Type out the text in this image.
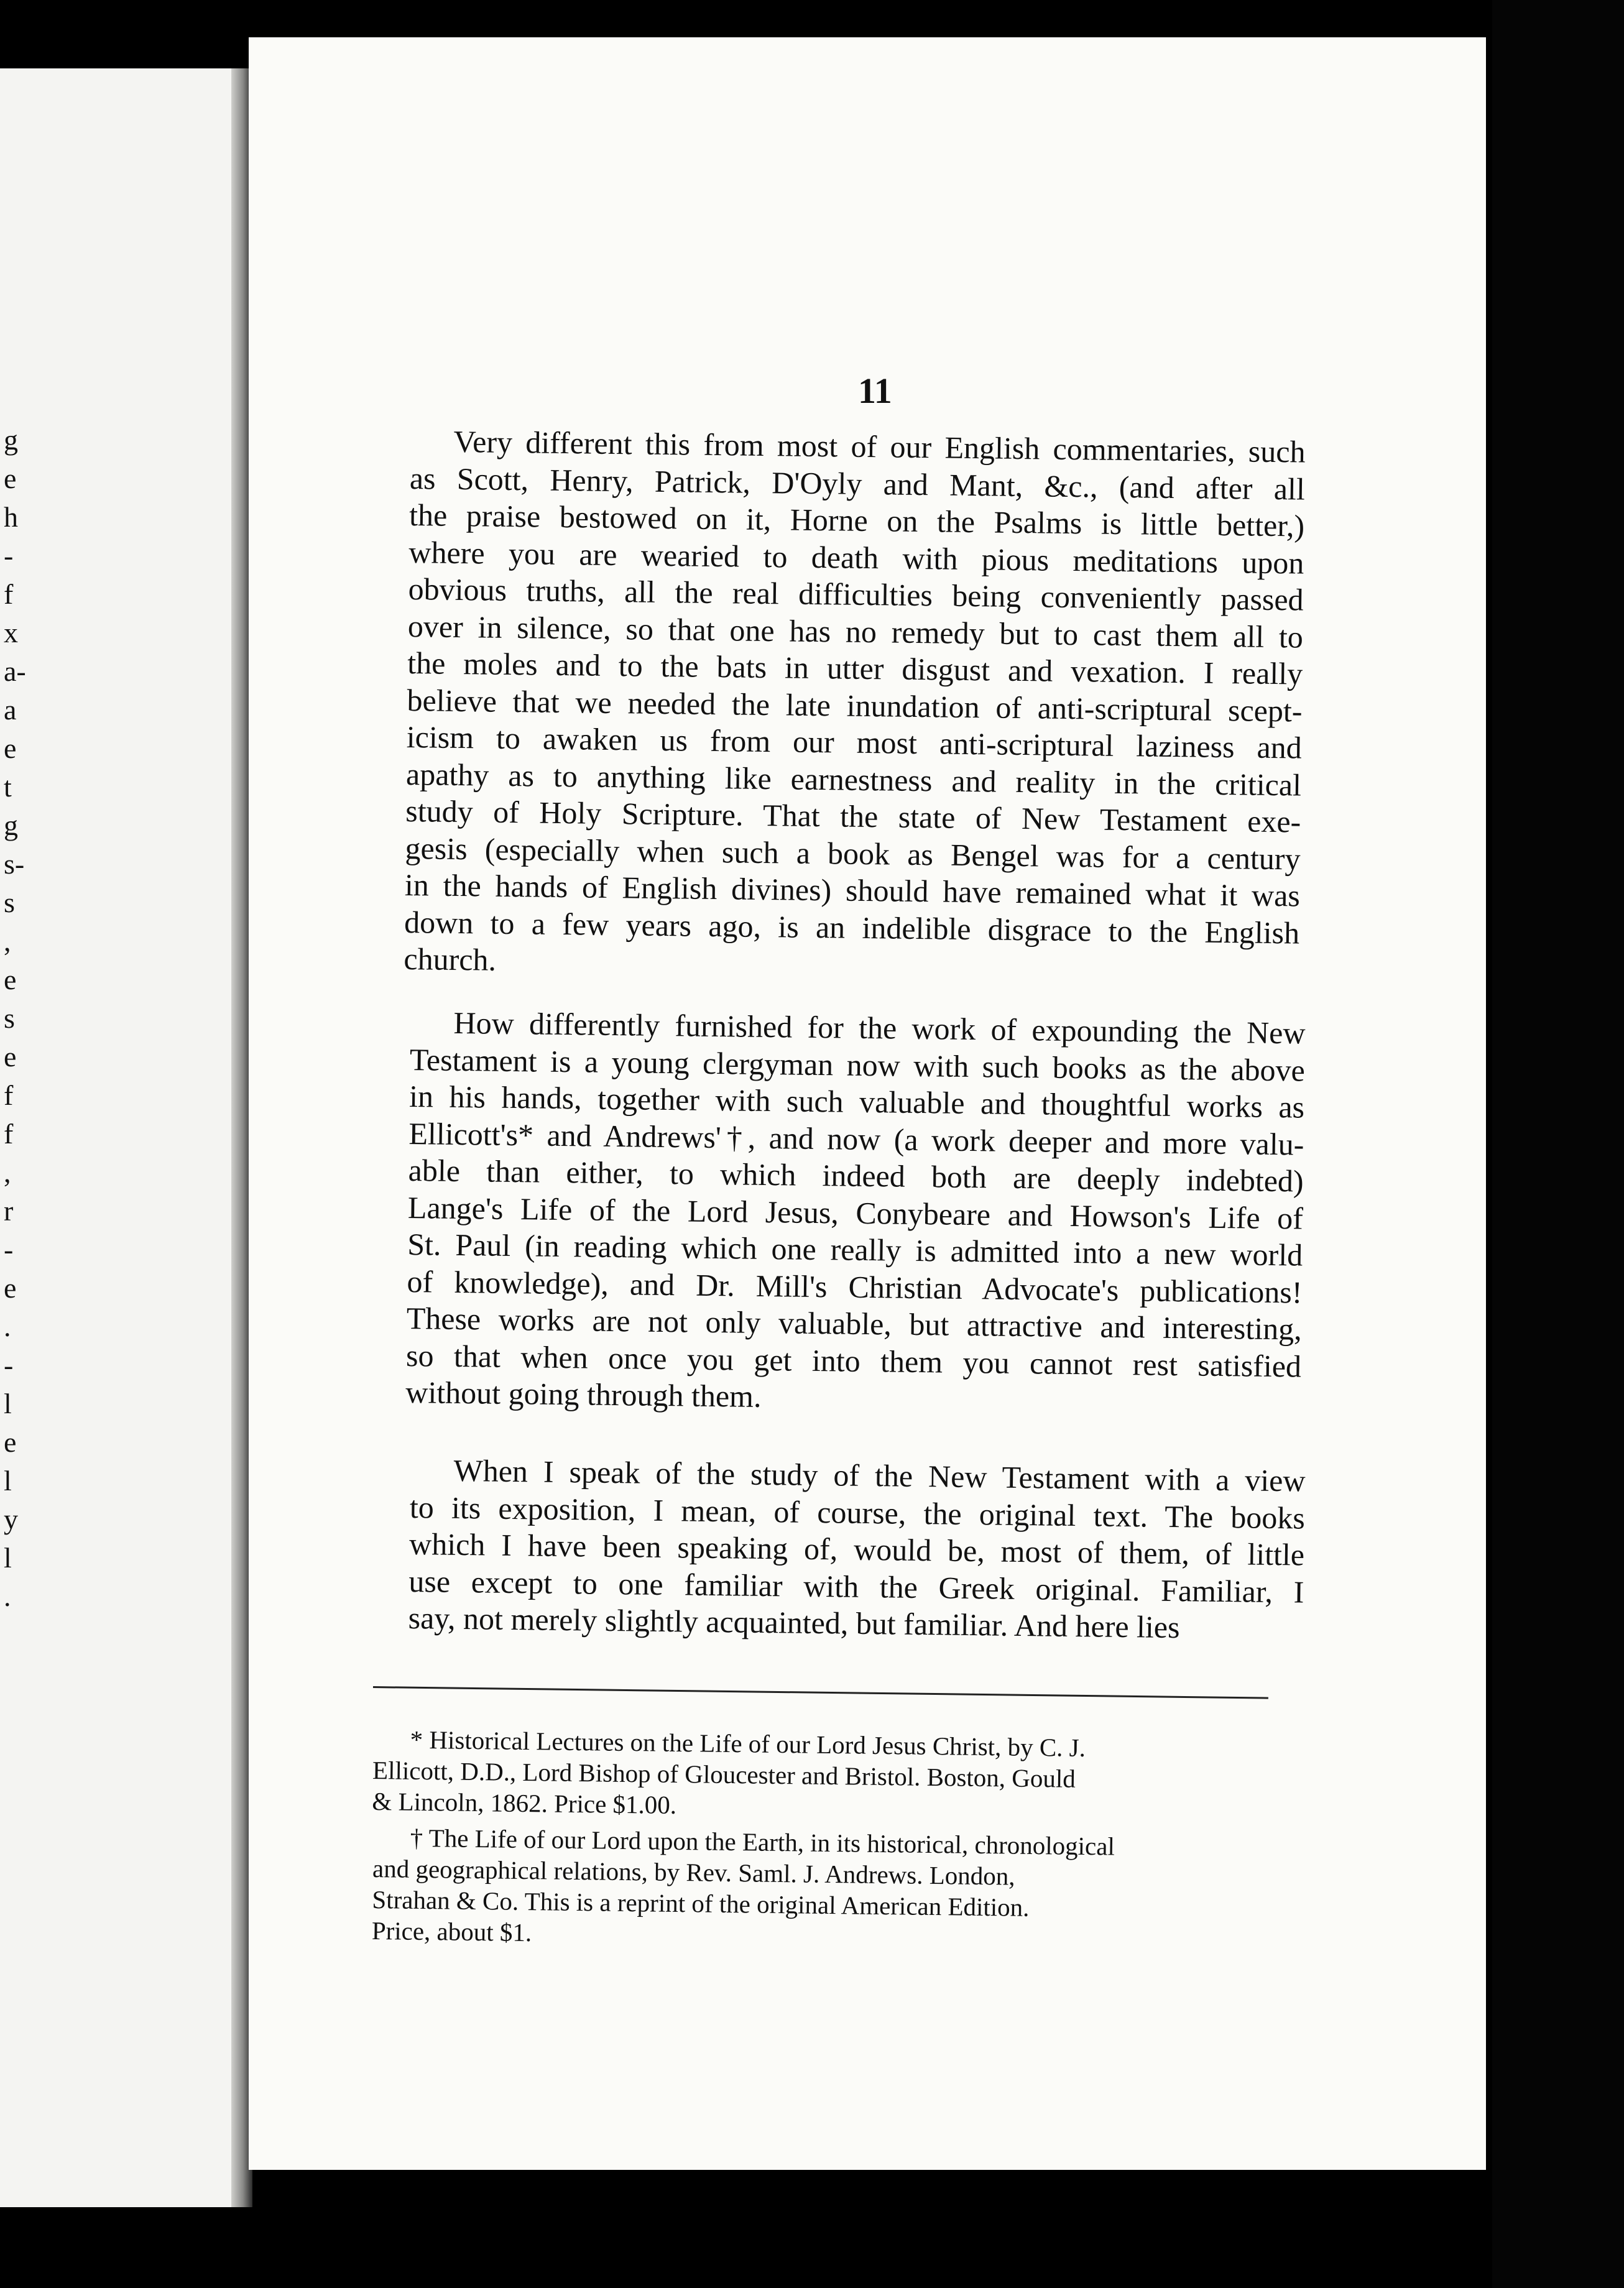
g
e
h
-
f
x
a-
a
e
t
g
s-
s
,
e
s
e
f
f
,
r
-
e
.
-
l
e
l
y
l
.
11
Very different this from most of our English commentaries, such
as Scott, Henry, Patrick, D'Oyly and Mant, &c., (and after all
the praise bestowed on it, Horne on the Psalms is little better,)
where you are wearied to death with pious meditations upon
obvious truths, all the real difficulties being conveniently passed
over in silence, so that one has no remedy but to cast them all to
the moles and to the bats in utter disgust and vexation. I really
believe that we needed the late inundation of anti-scriptural scept-
icism to awaken us from our most anti-scriptural laziness and
apathy as to anything like earnestness and reality in the critical
study of Holy Scripture. That the state of New Testament exe-
gesis (especially when such a book as Bengel was for a century
in the hands of English divines) should have remained what it was
down to a few years ago, is an indelible disgrace to the English
church.
How differently furnished for the work of expounding the New
Testament is a young clergyman now with such books as the above
in his hands, together with such valuable and thoughtful works as
Ellicott's* and Andrews'†, and now (a work deeper and more valu-
able than either, to which indeed both are deeply indebted)
Lange's Life of the Lord Jesus, Conybeare and Howson's Life of
St. Paul (in reading which one really is admitted into a new world
of knowledge), and Dr. Mill's Christian Advocate's publications!
These works are not only valuable, but attractive and interesting,
so that when once you get into them you cannot rest satisfied
without going through them.
When I speak of the study of the New Testament with a view
to its exposition, I mean, of course, the original text. The books
which I have been speaking of, would be, most of them, of little
use except to one familiar with the Greek original. Familiar, I
say, not merely slightly acquainted, but familiar. And here lies
* Historical Lectures on the Life of our Lord Jesus Christ, by C. J.
Ellicott, D.D., Lord Bishop of Gloucester and Bristol. Boston, Gould
& Lincoln, 1862. Price $1.00.
† The Life of our Lord upon the Earth, in its historical, chronological
and geographical relations, by Rev. Saml. J. Andrews. London,
Strahan & Co. This is a reprint of the original American Edition.
Price, about $1.
